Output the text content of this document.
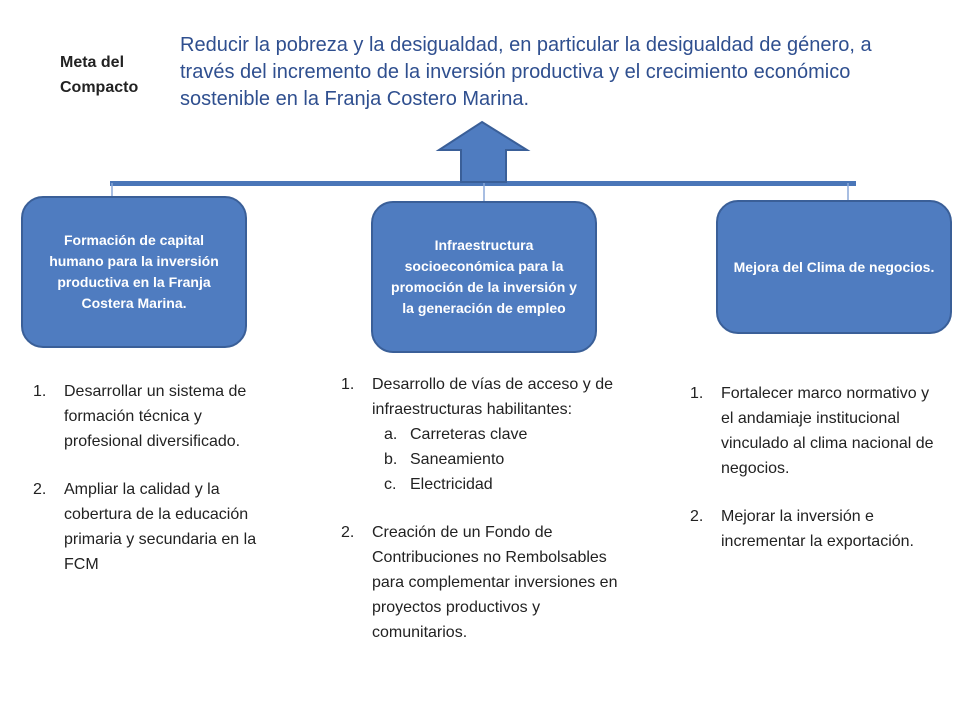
Meta del Compacto
Reducir la pobreza y la desigualdad, en particular la desigualdad de género, a través del incremento de la inversión productiva y el crecimiento económico sostenible en la Franja Costero Marina.
Formación de capital humano para la inversión productiva en la Franja Costera Marina.
Infraestructura socioeconómica para la promoción de la inversión y la generación de empleo
Mejora del Clima de negocios.
1.	Desarrollar un sistema de formación técnica y profesional diversificado.
2.	Ampliar la calidad y la cobertura de la educación primaria y secundaria en la FCM
1.	Desarrollo de vías de acceso y de infraestructuras habilitantes:
a. Carreteras clave
b. Saneamiento
c. Electricidad
2.	Creación de un Fondo de Contribuciones no Rembolsables para complementar inversiones en proyectos productivos y comunitarios.
1.	Fortalecer marco normativo y el andamiaje institucional vinculado al clima nacional de negocios.
2.	Mejorar la inversión e incrementar la exportación.
